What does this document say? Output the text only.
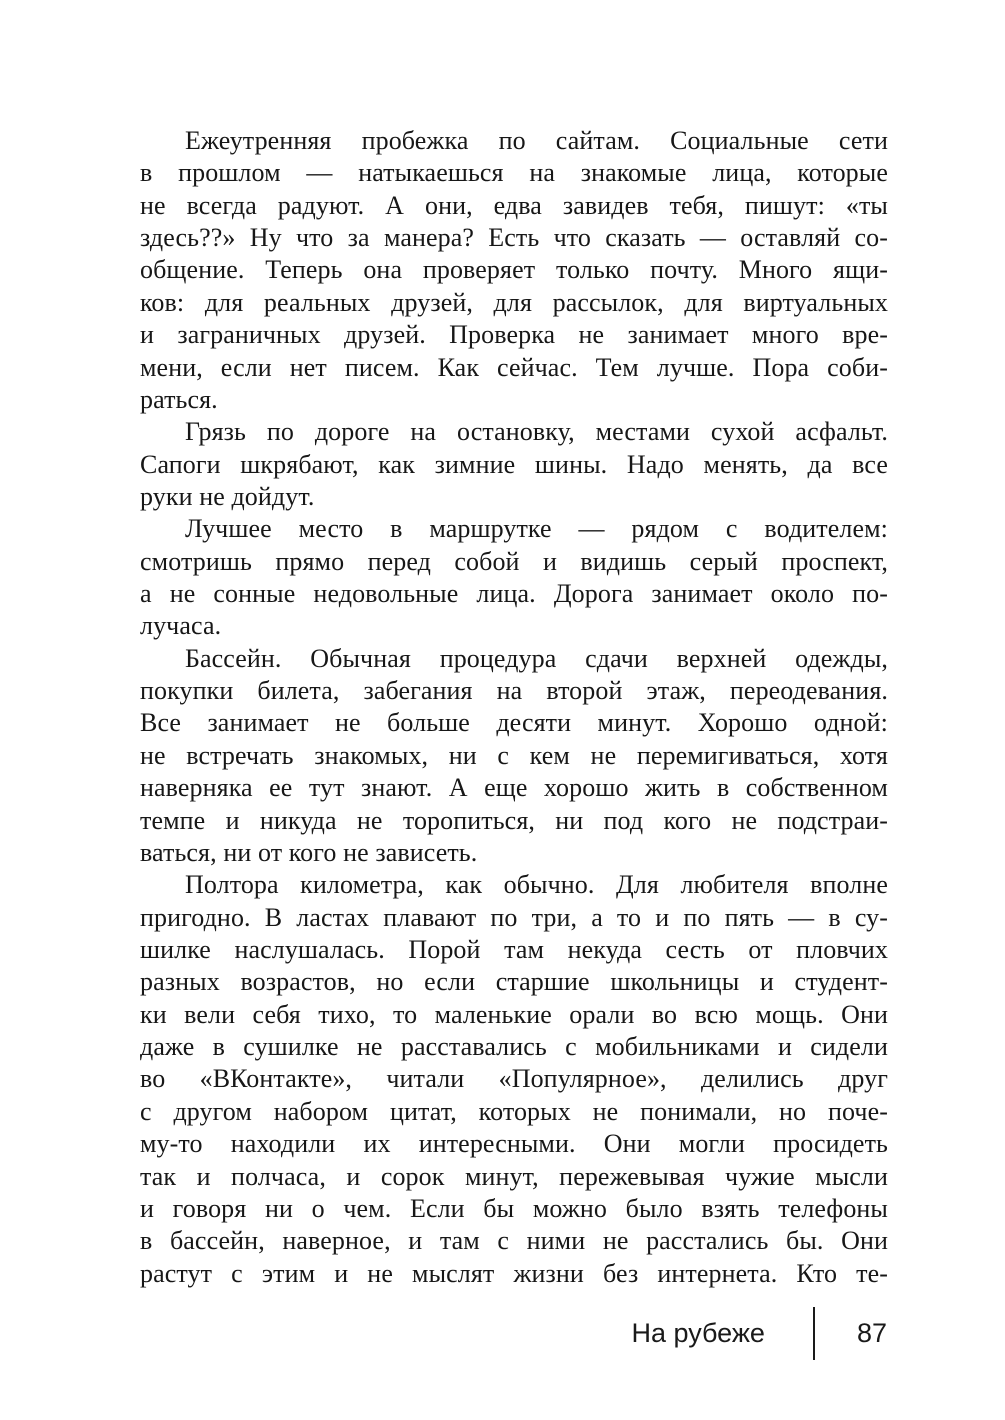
Ежеутренняя пробежка по сайтам. Социальные сети
в прошлом — натыкаешься на знакомые лица, которые
не всегда радуют. А они, едва завидев тебя, пишут: «ты
здесь??» Ну что за манера? Есть что сказать — оставляй со-
общение. Теперь она проверяет только почту. Много ящи-
ков: для реальных друзей, для рассылок, для виртуальных
и заграничных друзей. Проверка не занимает много вре-
мени, если нет писем. Как сейчас. Тем лучше. Пора соби-
раться.
Грязь по дороге на остановку, местами сухой асфальт.
Сапоги шкрябают, как зимние шины. Надо менять, да все
руки не дойдут.
Лучшее место в маршрутке — рядом с водителем:
смотришь прямо перед собой и видишь серый проспект,
а не сонные недовольные лица. Дорога занимает около по-
лучаса.
Бассейн. Обычная процедура сдачи верхней одежды,
покупки билета, забегания на второй этаж, переодевания.
Все занимает не больше десяти минут. Хорошо одной:
не встречать знакомых, ни с кем не перемигиваться, хотя
наверняка ее тут знают. А еще хорошо жить в собственном
темпе и никуда не торопиться, ни под кого не подстраи-
ваться, ни от кого не зависеть.
Полтора километра, как обычно. Для любителя вполне
пригодно. В ластах плавают по три, а то и по пять — в су-
шилке наслушалась. Порой там некуда сесть от пловчих
разных возрастов, но если старшие школьницы и студент-
ки вели себя тихо, то маленькие орали во всю мощь. Они
даже в сушилке не расставались с мобильниками и сидели
во «ВКонтакте», читали «Популярное», делились друг
с другом набором цитат, которых не понимали, но поче-
му-то находили их интересными. Они могли просидеть
так и полчаса, и сорок минут, пережевывая чужие мысли
и говоря ни о чем. Если бы можно было взять телефоны
в бассейн, наверное, и там с ними не расстались бы. Они
растут с этим и не мыслят жизни без интернета. Кто те-
На рубеже	87
